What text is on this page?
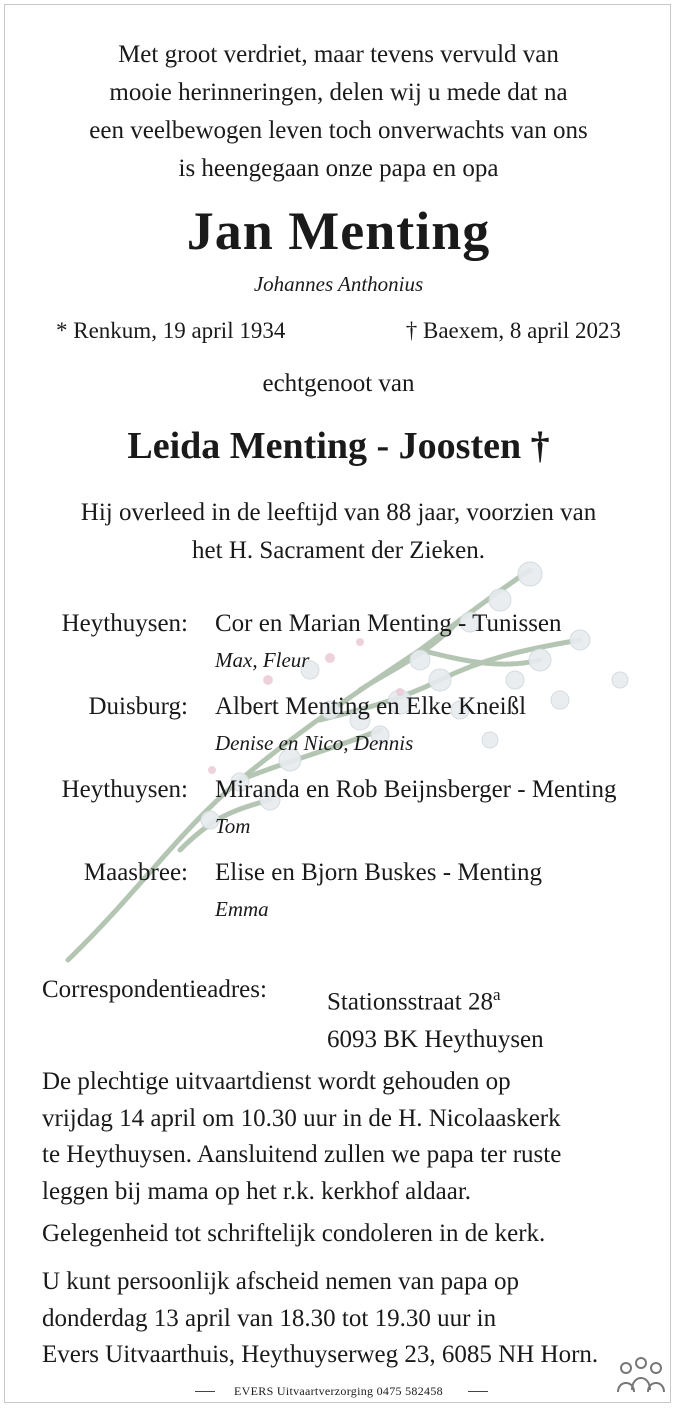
Met groot verdriet, maar tevens vervuld van
mooie herinneringen, delen wij u mede dat na
een veelbewogen leven toch onverwachts van ons
is heengegaan onze papa en opa
Jan Menting
Johannes Anthonius
* Renkum, 19 april 1934	† Baexem, 8 april 2023
echtgenoot van
Leida Menting - Joosten †
Hij overleed in de leeftijd van 88 jaar, voorzien van
het H. Sacrament der Zieken.
Heythuysen: Cor en Marian Menting - Tunissen
Max, Fleur
Duisburg: Albert Menting en Elke Kneißl
Denise en Nico, Dennis
Heythuysen: Miranda en Rob Beijnsberger - Menting
Tom
Maasbree: Elise en Bjorn Buskes - Menting
Emma
Correspondentieadres: Stationsstraat 28$^a$
6093 BK Heythuysen
De plechtige uitvaartdienst wordt gehouden op
vrijdag 14 april om 10.30 uur in de H. Nicolaaskerk
te Heythuysen. Aansluitend zullen we papa ter ruste
leggen bij mama op het r.k. kerkhof aldaar.
Gelegenheid tot schriftelijk condoleren in de kerk.
U kunt persoonlijk afscheid nemen van papa op
donderdag 13 april van 18.30 tot 19.30 uur in
Evers Uitvaarthuis, Heythuyserweg 23, 6085 NH Horn.
EVERS Uitvaartverzorging 0475 582458
